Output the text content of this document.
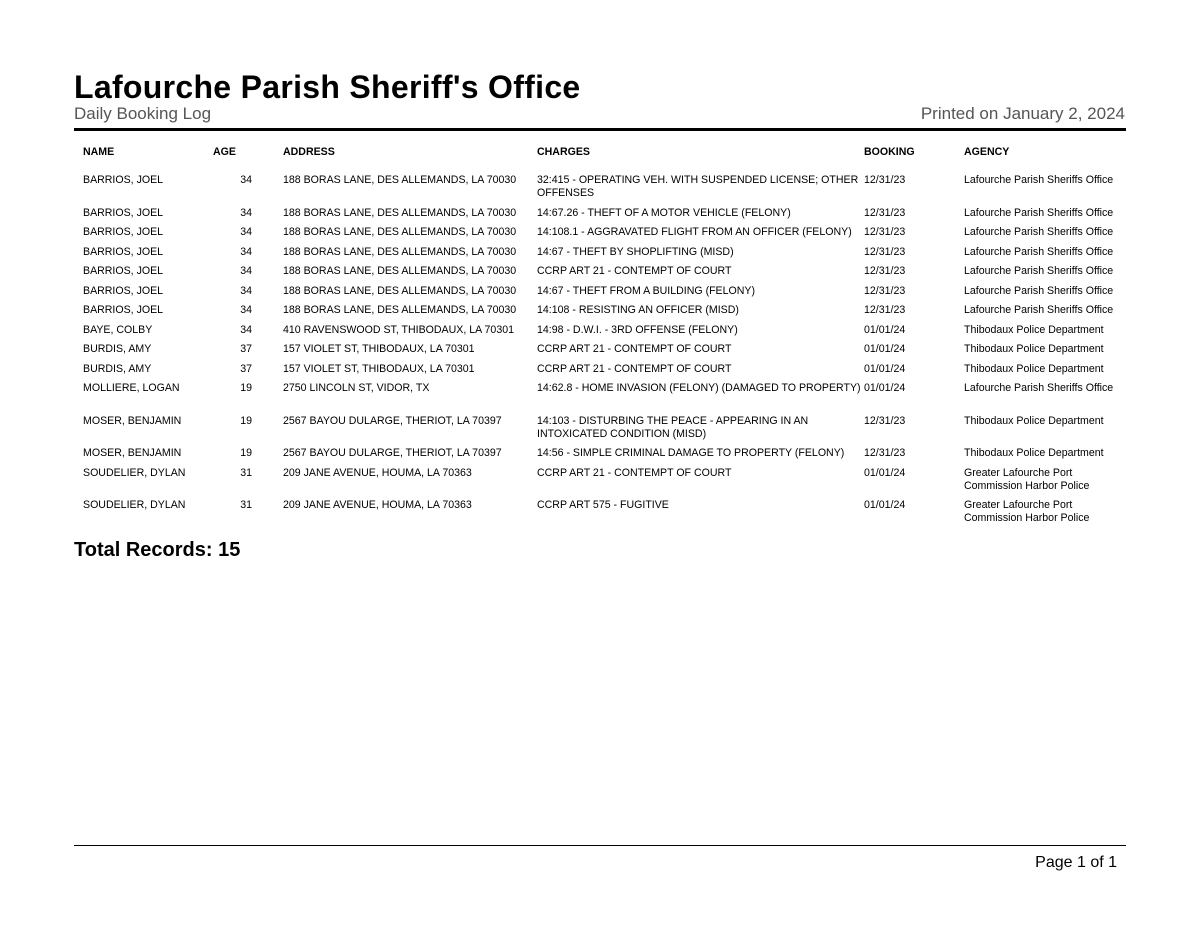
Lafourche Parish Sheriff's Office
Daily Booking Log	Printed on January 2, 2024
NAME	AGE		ADDRESS	CHARGES	BOOKING	AGENCY
BARRIOS, JOEL	34		188 BORAS LANE, DES ALLEMANDS, LA 70030	32:415 - OPERATING VEH. WITH SUSPENDED LICENSE; OTHER OFFENSES	12/31/23	Lafourche Parish Sheriffs Office
BARRIOS, JOEL	34		188 BORAS LANE, DES ALLEMANDS, LA 70030	14:67.26 - THEFT OF A MOTOR VEHICLE (FELONY)	12/31/23	Lafourche Parish Sheriffs Office
BARRIOS, JOEL	34		188 BORAS LANE, DES ALLEMANDS, LA 70030	14:108.1 - AGGRAVATED FLIGHT FROM AN OFFICER (FELONY)	12/31/23	Lafourche Parish Sheriffs Office
BARRIOS, JOEL	34		188 BORAS LANE, DES ALLEMANDS, LA 70030	14:67 - THEFT BY SHOPLIFTING (MISD)	12/31/23	Lafourche Parish Sheriffs Office
BARRIOS, JOEL	34		188 BORAS LANE, DES ALLEMANDS, LA 70030	CCRP ART 21 - CONTEMPT OF COURT	12/31/23	Lafourche Parish Sheriffs Office
BARRIOS, JOEL	34		188 BORAS LANE, DES ALLEMANDS, LA 70030	14:67 - THEFT FROM A BUILDING (FELONY)	12/31/23	Lafourche Parish Sheriffs Office
BARRIOS, JOEL	34		188 BORAS LANE, DES ALLEMANDS, LA 70030	14:108 - RESISTING AN OFFICER (MISD)	12/31/23	Lafourche Parish Sheriffs Office
BAYE, COLBY	34		410 RAVENSWOOD ST, THIBODAUX, LA 70301	14:98 - D.W.I. - 3RD OFFENSE (FELONY)	01/01/24	Thibodaux Police Department
BURDIS, AMY	37		157 VIOLET ST, THIBODAUX, LA 70301	CCRP ART 21 - CONTEMPT OF COURT	01/01/24	Thibodaux Police Department
BURDIS, AMY	37		157 VIOLET ST, THIBODAUX, LA 70301	CCRP ART 21 - CONTEMPT OF COURT	01/01/24	Thibodaux Police Department
MOLLIERE, LOGAN	19		2750 LINCOLN ST, VIDOR, TX	14:62.8 - HOME INVASION (FELONY) (DAMAGED TO PROPERTY)	01/01/24	Lafourche Parish Sheriffs Office
MOSER, BENJAMIN	19		2567 BAYOU DULARGE, THERIOT, LA 70397	14:103 - DISTURBING THE PEACE - APPEARING IN AN INTOXICATED CONDITION (MISD)	12/31/23	Thibodaux Police Department
MOSER, BENJAMIN	19		2567 BAYOU DULARGE, THERIOT, LA 70397	14:56 - SIMPLE CRIMINAL DAMAGE TO PROPERTY (FELONY)	12/31/23	Thibodaux Police Department
SOUDELIER, DYLAN	31		209 JANE AVENUE, HOUMA, LA 70363	CCRP ART 21 - CONTEMPT OF COURT	01/01/24	Greater Lafourche Port Commission Harbor Police
SOUDELIER, DYLAN	31		209 JANE AVENUE, HOUMA, LA 70363	CCRP ART 575 - FUGITIVE	01/01/24	Greater Lafourche Port Commission Harbor Police
Total Records: 15
Page 1 of 1
